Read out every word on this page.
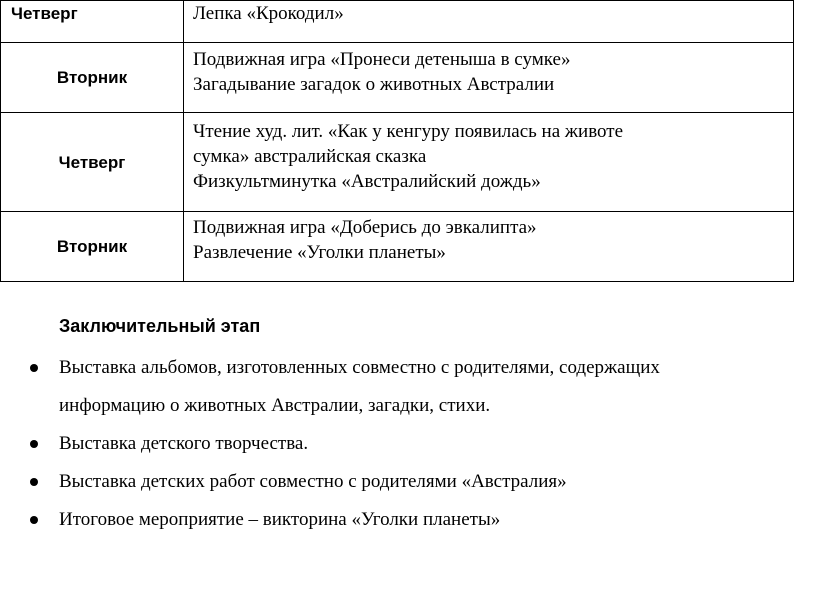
Четверг	Лепка «Крокодил»

Вторник	Подвижная игра «Пронеси детеныша в сумке»
Загадывание загадок о животных Австралии

Четверг	Чтение худ. лит. «Как у кенгуру появилась на животе
сумка» австралийская сказка
Физкультминутка «Австралийский дождь»

Вторник	Подвижная игра «Доберись до эвкалипта»
Развлечение «Уголки планеты»
Заключительный этап
Выставка альбомов, изготовленных совместно с родителями, содержащих
информацию о животных Австралии, загадки, стихи.
Выставка детского творчества.
Выставка детских работ совместно с родителями «Австралия»
Итоговое мероприятие – викторина «Уголки планеты»
